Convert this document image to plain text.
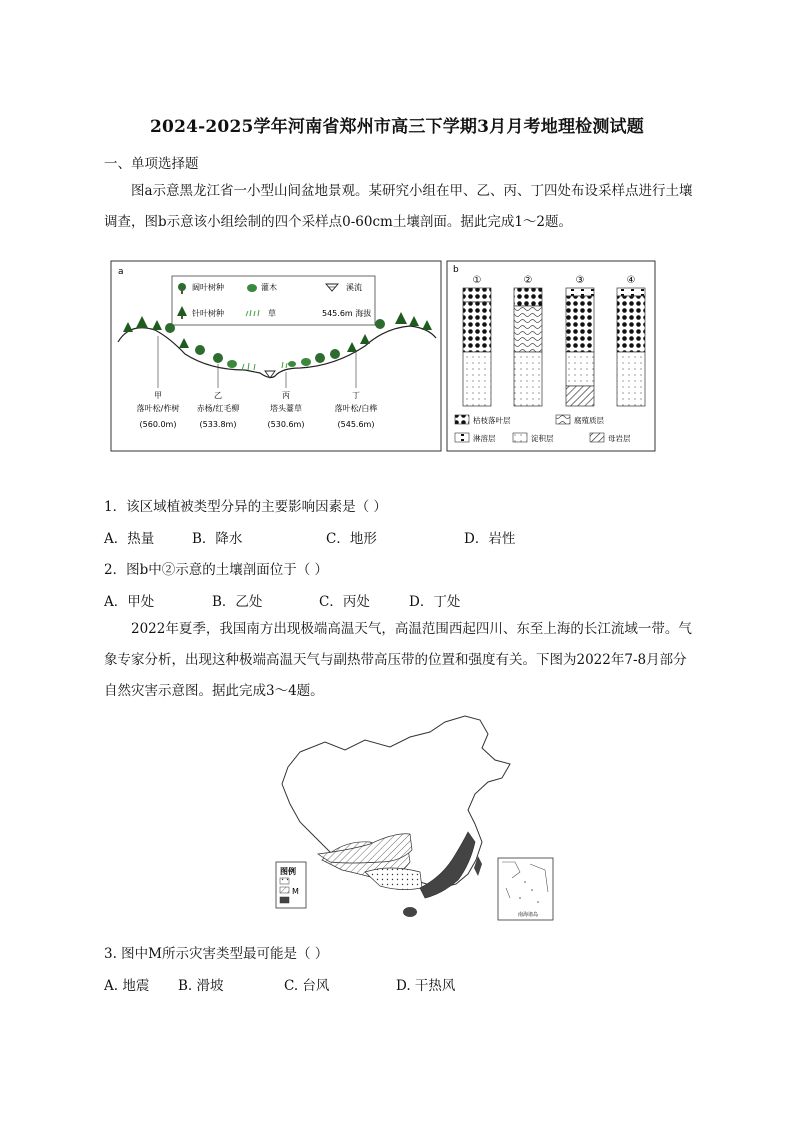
2024-2025学年河南省郑州市高三下学期3月月考地理检测试题
一、单项选择题
图a示意黑龙江省一小型山间盆地景观。某研究小组在甲、乙、丙、丁四处布设采样点进行土壤调查，图b示意该小组绘制的四个采样点0-60cm土壤剖面。据此完成1～2题。
a
阔叶树种	灌木	溪流
针叶树种	草	545.6m 海拔
甲
落叶松/柞树
(560.0m)
乙
赤杨/红毛柳
(533.8m)
丙
塔头薹草
(530.6m)
丁
落叶松/白桦
(545.6m)
b
①	②	③	④
枯枝落叶层	腐殖质层
淋溶层	淀积层	母岩层
1．该区域植被类型分异的主要影响因素是（ ）
A．热量	B．降水	C．地形	D．岩性
2．图b中②示意的土壤剖面位于（ ）
A．甲处	B．乙处	C．丙处	D．丁处
2022年夏季，我国南方出现极端高温天气，高温范围西起四川、东至上海的长江流域一带。气象专家分析，出现这种极端高温天气与副热带高压带的位置和强度有关。下图为2022年7-8月部分自然灾害示意图。据此完成3～4题。
图例
M
南海诸岛
3. 图中M所示灾害类型最可能是（ ）
A. 地震 B. 滑坡	C. 台风	D. 干热风
